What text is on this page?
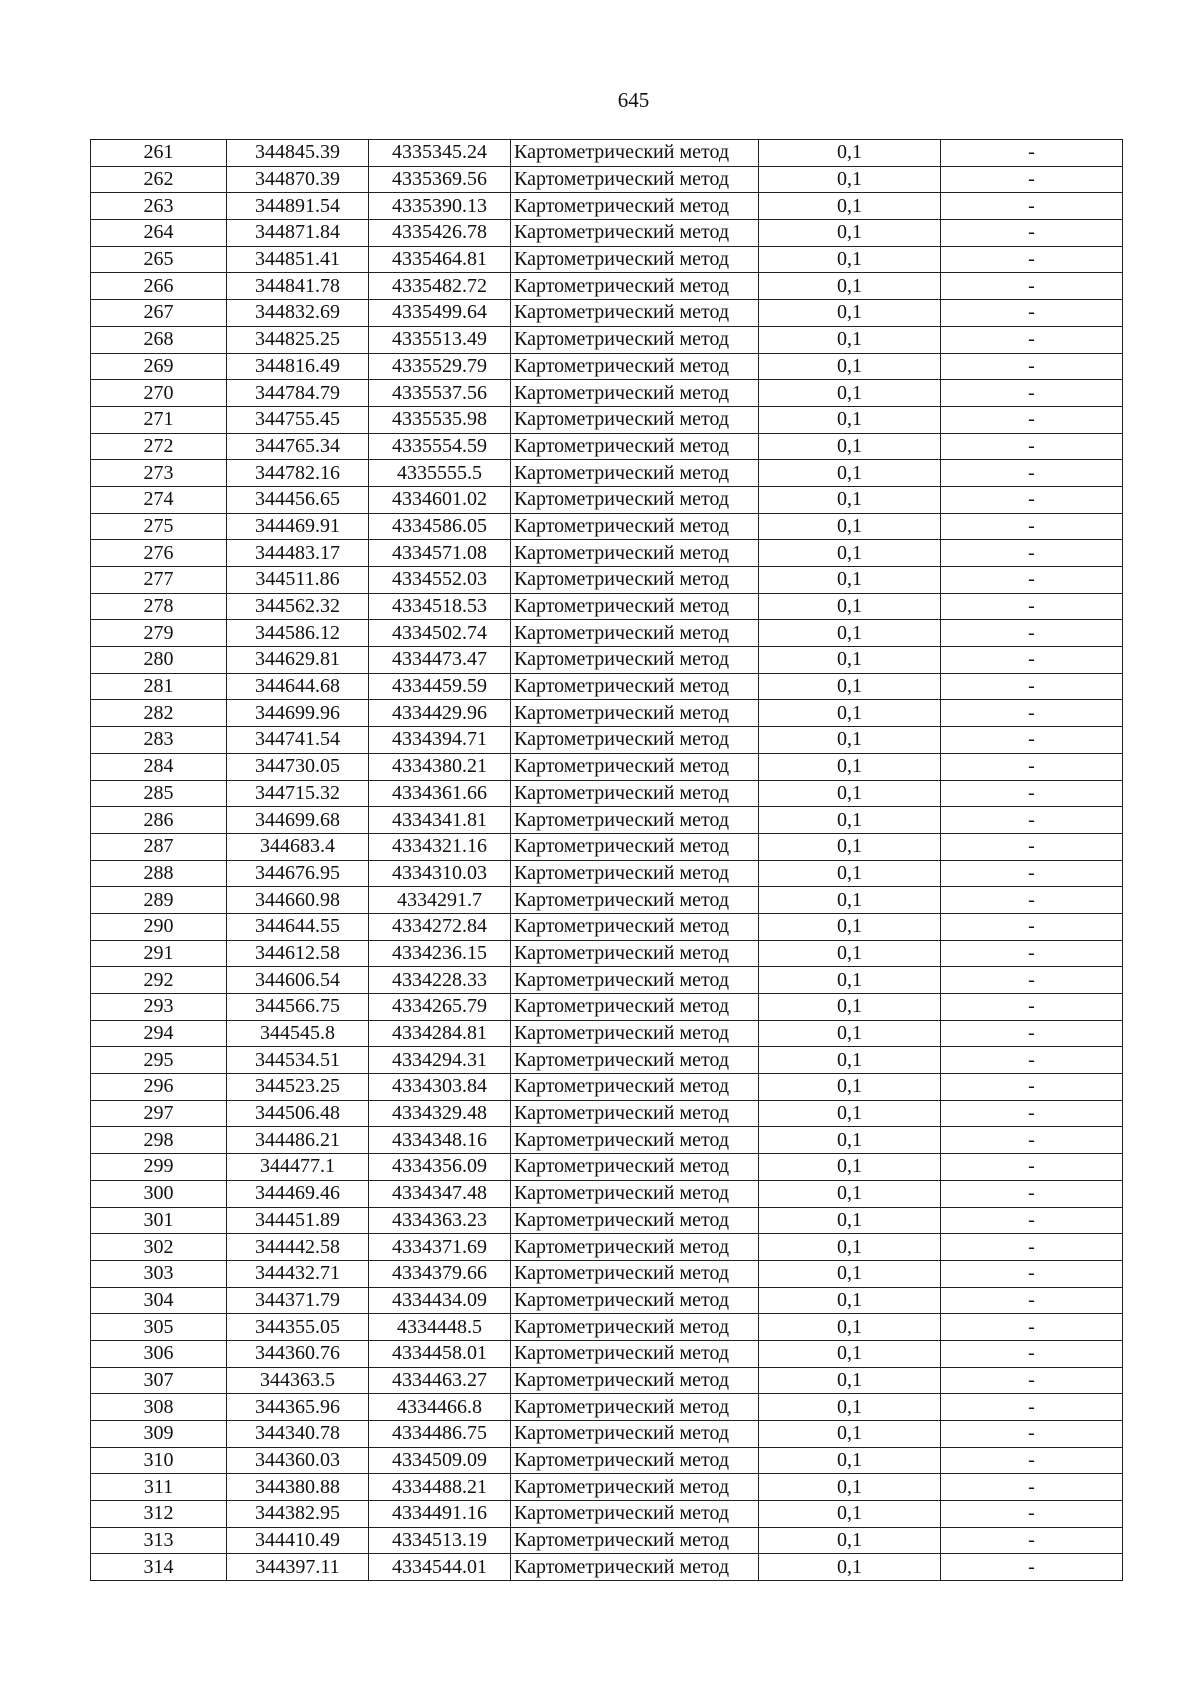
645
261	344845.39	4335345.24	Картометрический метод	0,1	-
262	344870.39	4335369.56	Картометрический метод	0,1	-
263	344891.54	4335390.13	Картометрический метод	0,1	-
264	344871.84	4335426.78	Картометрический метод	0,1	-
265	344851.41	4335464.81	Картометрический метод	0,1	-
266	344841.78	4335482.72	Картометрический метод	0,1	-
267	344832.69	4335499.64	Картометрический метод	0,1	-
268	344825.25	4335513.49	Картометрический метод	0,1	-
269	344816.49	4335529.79	Картометрический метод	0,1	-
270	344784.79	4335537.56	Картометрический метод	0,1	-
271	344755.45	4335535.98	Картометрический метод	0,1	-
272	344765.34	4335554.59	Картометрический метод	0,1	-
273	344782.16	4335555.5	Картометрический метод	0,1	-
274	344456.65	4334601.02	Картометрический метод	0,1	-
275	344469.91	4334586.05	Картометрический метод	0,1	-
276	344483.17	4334571.08	Картометрический метод	0,1	-
277	344511.86	4334552.03	Картометрический метод	0,1	-
278	344562.32	4334518.53	Картометрический метод	0,1	-
279	344586.12	4334502.74	Картометрический метод	0,1	-
280	344629.81	4334473.47	Картометрический метод	0,1	-
281	344644.68	4334459.59	Картометрический метод	0,1	-
282	344699.96	4334429.96	Картометрический метод	0,1	-
283	344741.54	4334394.71	Картометрический метод	0,1	-
284	344730.05	4334380.21	Картометрический метод	0,1	-
285	344715.32	4334361.66	Картометрический метод	0,1	-
286	344699.68	4334341.81	Картометрический метод	0,1	-
287	344683.4	4334321.16	Картометрический метод	0,1	-
288	344676.95	4334310.03	Картометрический метод	0,1	-
289	344660.98	4334291.7	Картометрический метод	0,1	-
290	344644.55	4334272.84	Картометрический метод	0,1	-
291	344612.58	4334236.15	Картометрический метод	0,1	-
292	344606.54	4334228.33	Картометрический метод	0,1	-
293	344566.75	4334265.79	Картометрический метод	0,1	-
294	344545.8	4334284.81	Картометрический метод	0,1	-
295	344534.51	4334294.31	Картометрический метод	0,1	-
296	344523.25	4334303.84	Картометрический метод	0,1	-
297	344506.48	4334329.48	Картометрический метод	0,1	-
298	344486.21	4334348.16	Картометрический метод	0,1	-
299	344477.1	4334356.09	Картометрический метод	0,1	-
300	344469.46	4334347.48	Картометрический метод	0,1	-
301	344451.89	4334363.23	Картометрический метод	0,1	-
302	344442.58	4334371.69	Картометрический метод	0,1	-
303	344432.71	4334379.66	Картометрический метод	0,1	-
304	344371.79	4334434.09	Картометрический метод	0,1	-
305	344355.05	4334448.5	Картометрический метод	0,1	-
306	344360.76	4334458.01	Картометрический метод	0,1	-
307	344363.5	4334463.27	Картометрический метод	0,1	-
308	344365.96	4334466.8	Картометрический метод	0,1	-
309	344340.78	4334486.75	Картометрический метод	0,1	-
310	344360.03	4334509.09	Картометрический метод	0,1	-
311	344380.88	4334488.21	Картометрический метод	0,1	-
312	344382.95	4334491.16	Картометрический метод	0,1	-
313	344410.49	4334513.19	Картометрический метод	0,1	-
314	344397.11	4334544.01	Картометрический метод	0,1	-
